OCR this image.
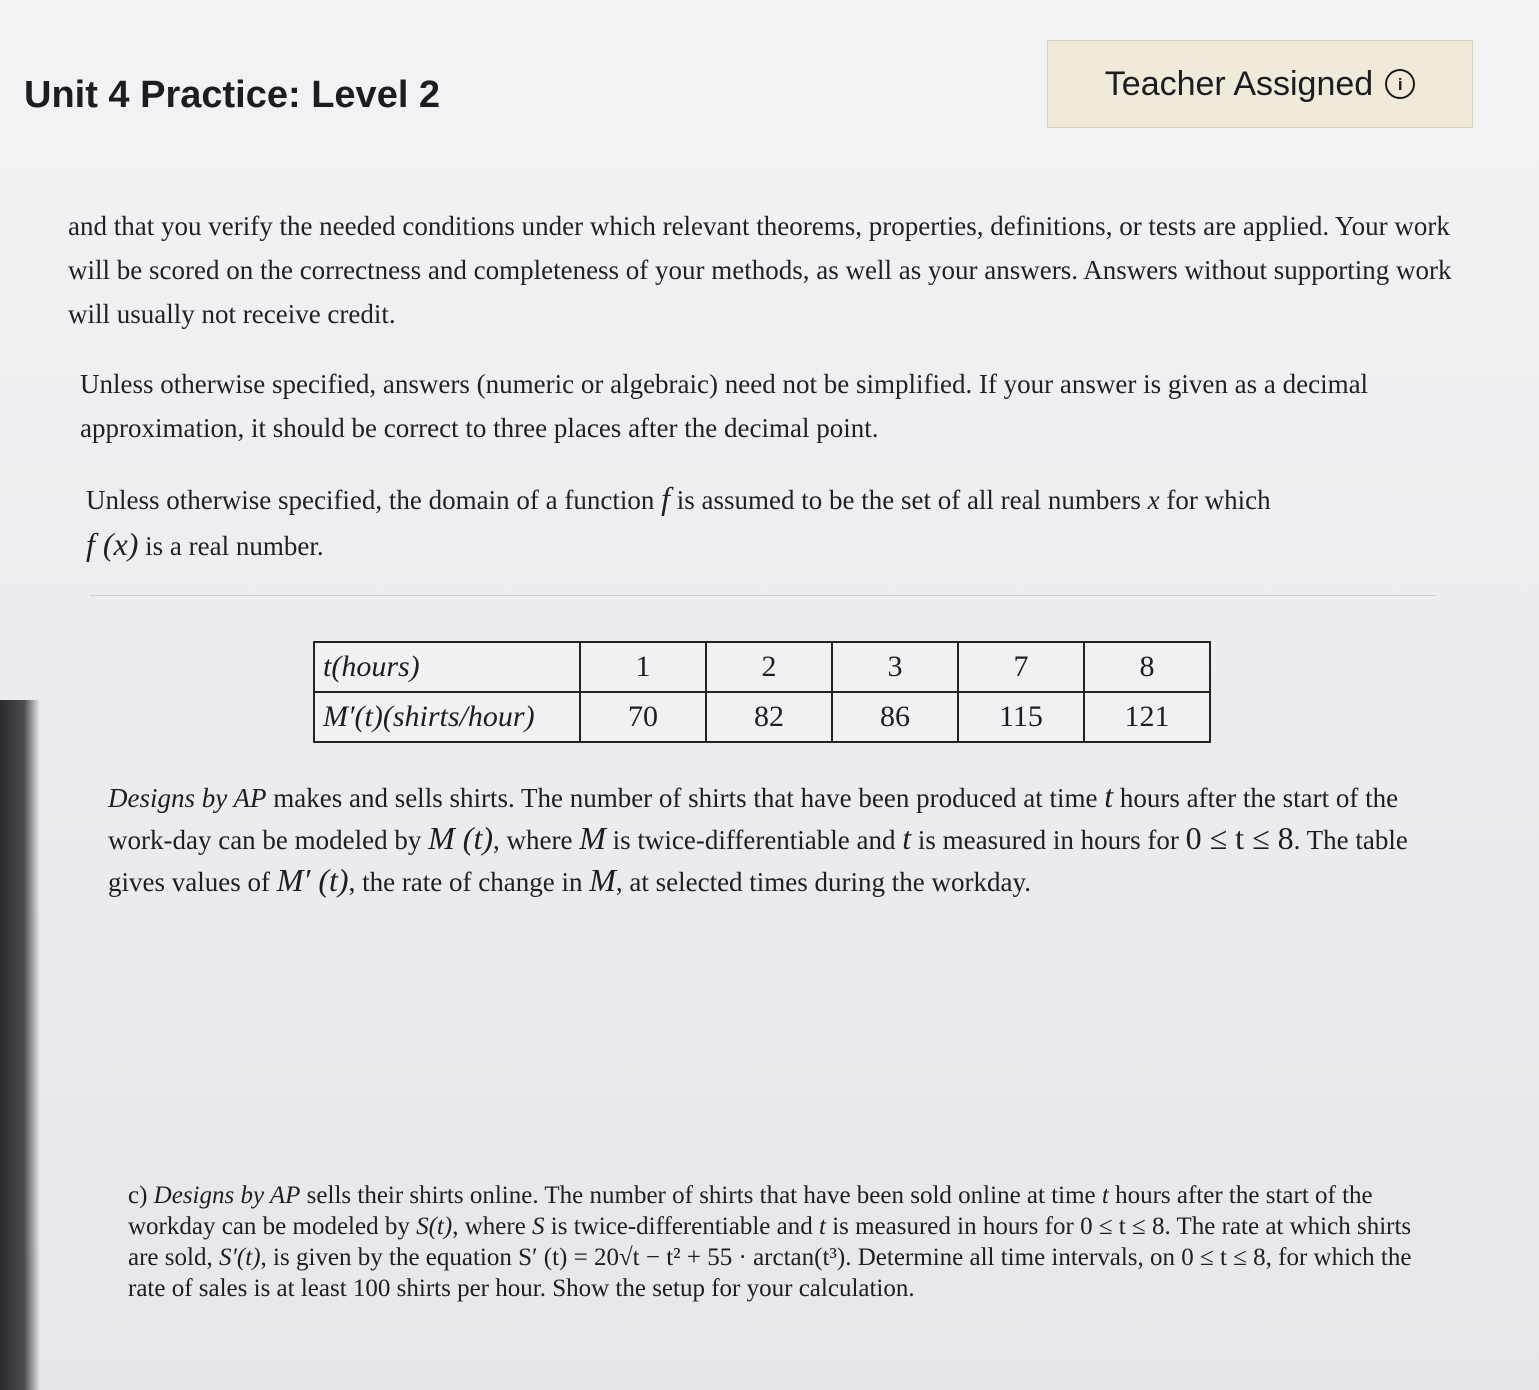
Unit 4 Practice: Level 2	Teacher Assigned	i
and that you verify the needed conditions under which relevant theorems, properties, definitions, or tests are applied. Your work will be scored on the correctness and completeness of your methods, as well as your answers. Answers without supporting work will usually not receive credit.
Unless otherwise specified, answers (numeric or algebraic) need not be simplified. If your answer is given as a decimal approximation, it should be correct to three places after the decimal point.
Unless otherwise specified, the domain of a function f is assumed to be the set of all real numbers x for which
f (x) is a real number.
t(hours)	1	2	3	7	8
M′(t)(shirts/hour)	70	82	86	115	121
Designs by AP makes and sells shirts. The number of shirts that have been produced at time t hours after the start of the work-day can be modeled by M (t), where M is twice-differentiable and t is measured in hours for 0 ≤ t ≤ 8. The table gives values of M′ (t), the rate of change in M, at selected times during the workday.
c) Designs by AP sells their shirts online. The number of shirts that have been sold online at time t hours after the start of the workday can be modeled by S(t), where S is twice-differentiable and t is measured in hours for 0 ≤ t ≤ 8. The rate at which shirts are sold, S′(t), is given by the equation S′ (t) = 20√t − t² + 55 · arctan(t³). Determine all time intervals, on 0 ≤ t ≤ 8, for which the rate of sales is at least 100 shirts per hour. Show the setup for your calculation.
